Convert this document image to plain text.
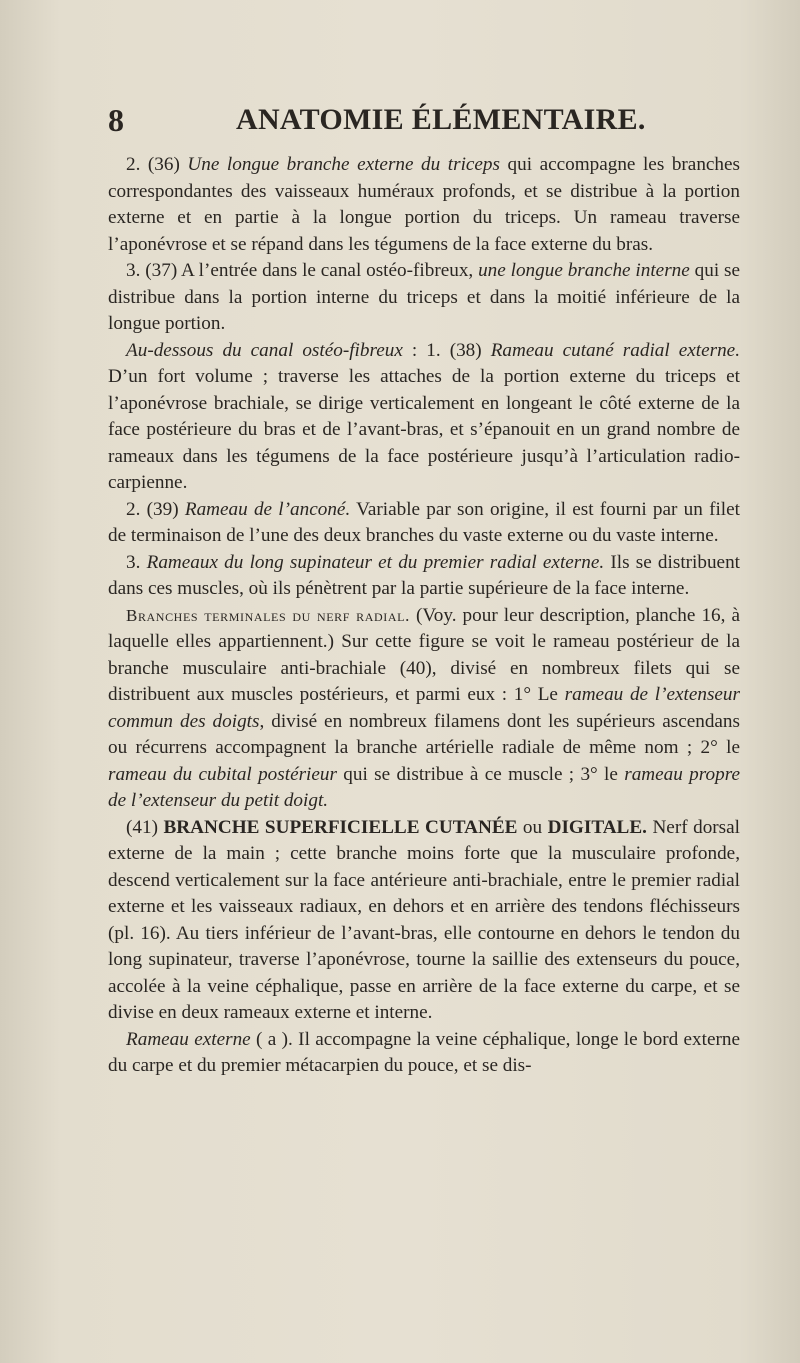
8	ANATOMIE ÉLÉMENTAIRE.

2. (36) Une longue branche externe du triceps qui accompagne les branches correspondantes des vaisseaux huméraux profonds, et se distribue à la portion externe et en partie à la longue portion du triceps. Un rameau traverse l’aponévrose et se répand dans les tégumens de la face externe du bras.

3. (37) A l’entrée dans le canal ostéo-fibreux, une longue branche interne qui se distribue dans la portion interne du triceps et dans la moitié inférieure de la longue portion.

Au-dessous du canal ostéo-fibreux : 1. (38) Rameau cutané radial externe. D’un fort volume ; traverse les attaches de la portion externe du triceps et l’aponévrose brachiale, se dirige verticalement en longeant le côté externe de la face postérieure du bras et de l’avant-bras, et s’épanouit en un grand nombre de rameaux dans les tégumens de la face postérieure jusqu’à l’articulation radio-carpienne.

2. (39) Rameau de l’anconé. Variable par son origine, il est fourni par un filet de terminaison de l’une des deux branches du vaste externe ou du vaste interne.

3. Rameaux du long supinateur et du premier radial externe. Ils se distribuent dans ces muscles, où ils pénètrent par la partie supérieure de la face interne.

Branches terminales du nerf radial. (Voy. pour leur description, planche 16, à laquelle elles appartiennent.) Sur cette figure se voit le rameau postérieur de la branche musculaire anti-brachiale (40), divisé en nombreux filets qui se distribuent aux muscles postérieurs, et parmi eux : 1° Le rameau de l’extenseur commun des doigts, divisé en nombreux filamens dont les supérieurs ascendans ou récurrens accompagnent la branche artérielle radiale de même nom ; 2° le rameau du cubital postérieur qui se distribue à ce muscle ; 3° le rameau propre de l’extenseur du petit doigt.

(41) BRANCHE SUPERFICIELLE CUTANÉE ou DIGITALE. Nerf dorsal externe de la main ; cette branche moins forte que la musculaire profonde, descend verticalement sur la face antérieure anti-brachiale, entre le premier radial externe et les vaisseaux radiaux, en dehors et en arrière des tendons fléchisseurs (pl. 16). Au tiers inférieur de l’avant-bras, elle contourne en dehors le tendon du long supinateur, traverse l’aponévrose, tourne la saillie des extenseurs du pouce, accolée à la veine céphalique, passe en arrière de la face externe du carpe, et se divise en deux rameaux externe et interne.

Rameau externe ( a ). Il accompagne la veine céphalique, longe le bord externe du carpe et du premier métacarpien du pouce, et se dis-
